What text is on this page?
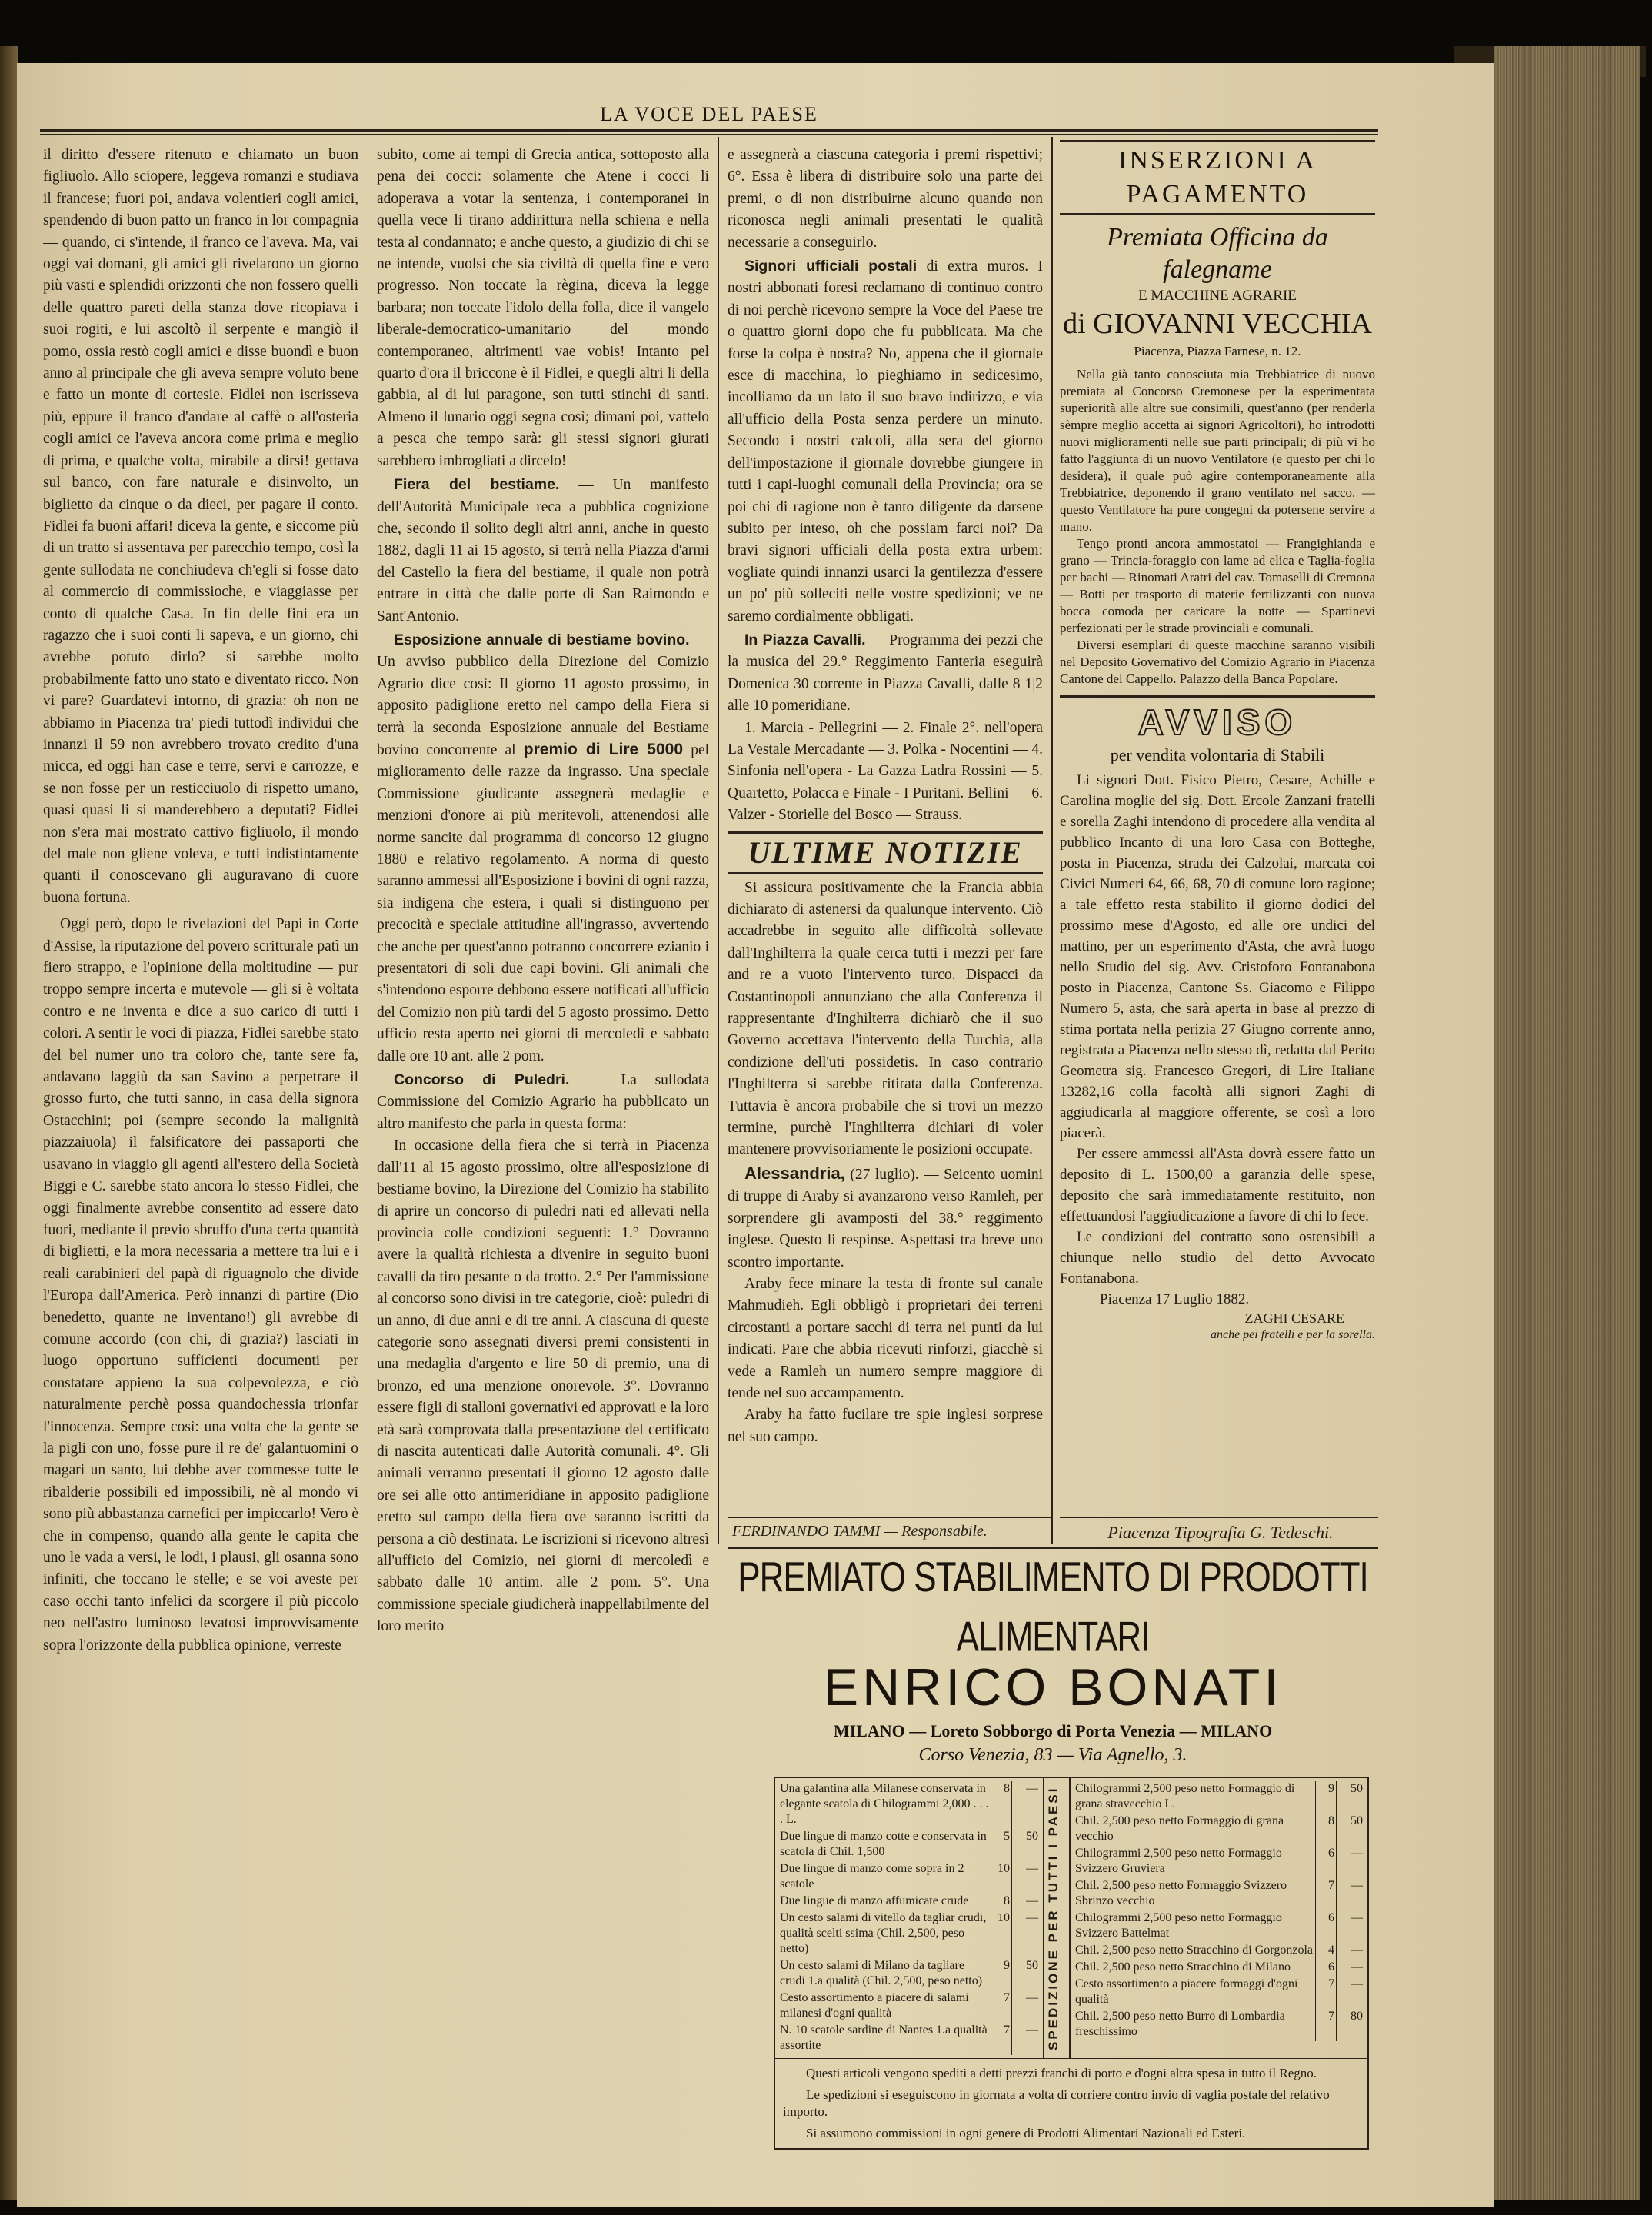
LA VOCE DEL PAESE

il diritto d'essere ritenuto e chiamato un buon figliuolo. Allo sciopere, leggeva romanzi e studiava il francese; fuori poi, andava volentieri cogli amici, spendendo di buon patto un franco in lor compagnia — quando, ci s'intende, il franco ce l'aveva. Ma, vai oggi vai domani, gli amici gli rivelarono un giorno più vasti e splendidi orizzonti che non fossero quelli delle quattro pareti della stanza dove ricopiava i suoi rogiti, e lui ascoltò il serpente e mangiò il pomo, ossia restò cogli amici e disse buondì e buon anno al principale che gli aveva sempre voluto bene e fatto un monte di cortesie. Fidlei non iscrisseva più, eppure il franco d'andare al caffè o all'osteria cogli amici ce l'aveva ancora come prima e meglio di prima, e qualche volta, mirabile a dirsi! gettava sul banco, con fare naturale e disinvolto, un biglietto da cinque o da dieci, per pagare il conto. Fidlei fa buoni affari! diceva la gente, e siccome più di un tratto si assentava per parecchio tempo, così la gente sullodata ne conchiudeva ch'egli si fosse dato al commercio di commissioche, e viaggiasse per conto di qualche Casa. In fin delle fini era un ragazzo che i suoi conti li sapeva, e un giorno, chi avrebbe potuto dirlo? si sarebbe molto probabilmente fatto uno stato e diventato ricco. Non vi pare? Guardatevi intorno, di grazia: oh non ne abbiamo in Piacenza tra' piedi tuttodì individui che innanzi il 59 non avrebbero trovato credito d'una micca, ed oggi han case e terre, servi e carrozze, e se non fosse per un resticciuolo di rispetto umano, quasi quasi li si manderebbero a deputati? Fidlei non s'era mai mostrato cattivo figliuolo, il mondo del male non gliene voleva, e tutti indistintamente quanti il conoscevano gli auguravano di cuore buona fortuna.

Oggi però, dopo le rivelazioni del Papi in Corte d'Assise, la riputazione del povero scritturale patì un fiero strappo, e l'opinione della moltitudine — pur troppo sempre incerta e mutevole — gli si è voltata contro e ne inventa e dice a suo carico di tutti i colori. A sentir le voci di piazza, Fidlei sarebbe stato del bel numer uno tra coloro che, tante sere fa, andavano laggiù da san Savino a perpetrare il grosso furto, che tutti sanno, in casa della signora Ostacchini; poi (sempre secondo la malignità piazzaiuola) il falsificatore dei passaporti che usavano in viaggio gli agenti all'estero della Società Biggi e C. sarebbe stato ancora lo stesso Fidlei, che oggi finalmente avrebbe consentito ad essere dato fuori, mediante il previo sbruffo d'una certa quantità di biglietti, e la mora necessaria a mettere tra lui e i reali carabinieri del papà di riguagnolo che divide l'Europa dall'America. Però innanzi di partire (Dio benedetto, quante ne inventano!) gli avrebbe di comune accordo (con chi, di grazia?) lasciati in luogo opportuno sufficienti documenti per constatare appieno la sua colpevolezza, e ciò naturalmente perchè possa quandochessia trionfar l'innocenza. Sempre così: una volta che la gente se la pigli con uno, fosse pure il re de' galantuomini o magari un santo, lui debbe aver commesse tutte le ribalderie possibili ed impossibili, nè al mondo vi sono più abbastanza carnefici per impiccarlo! Vero è che in compenso, quando alla gente le capita che uno le vada a versi, le lodi, i plausi, gli osanna sono infiniti, che toccano le stelle; e se voi aveste per caso occhi tanto infelici da scorgere il più piccolo neo nell'astro luminoso levatosi improvvisamente sopra l'orizzonte della pubblica opinione, verreste

subito, come ai tempi di Grecia antica, sottoposto alla pena dei cocci: solamente che Atene i cocci li adoperava a votar la sentenza, i contemporanei in quella vece li tirano addirittura nella schiena e nella testa al condannato; e anche questo, a giudizio di chi se ne intende, vuolsi che sia civiltà di quella fine e vero progresso. Non toccate la règina, diceva la legge barbara; non toccate l'idolo della folla, dice il vangelo liberale-democratico-umanitario del mondo contemporaneo, altrimenti vae vobis! Intanto pel quarto d'ora il briccone è il Fidlei, e quegli altri li della gabbia, al di lui paragone, son tutti stinchi di santi. Almeno il lunario oggi segna così; dimani poi, vattelo a pesca che tempo sarà: gli stessi signori giurati sarebbero imbrogliati a dircelo!

Fiera del bestiame. — Un manifesto dell'Autorità Municipale reca a pubblica cognizione che, secondo il solito degli altri anni, anche in questo 1882, dagli 11 ai 15 agosto, si terrà nella Piazza d'armi del Castello la fiera del bestiame, il quale non potrà entrare in città che dalle porte di San Raimondo e Sant'Antonio.

Esposizione annuale di bestiame bovino. — Un avviso pubblico della Direzione del Comizio Agrario dice così: Il giorno 11 agosto prossimo, in apposito padiglione eretto nel campo della Fiera si terrà la seconda Esposizione annuale del Bestiame bovino concorrente al premio di Lire 5000 pel miglioramento delle razze da ingrasso. Una speciale Commissione giudicante assegnerà medaglie e menzioni d'onore ai più meritevoli, attenendosi alle norme sancite dal programma di concorso 12 giugno 1880 e relativo regolamento. A norma di questo saranno ammessi all'Esposizione i bovini di ogni razza, sia indigena che estera, i quali si distinguono per precocità e speciale attitudine all'ingrasso, avvertendo che anche per quest'anno potranno concorrere ezianio i presentatori di soli due capi bovini. Gli animali che s'intendono esporre debbono essere notificati all'ufficio del Comizio non più tardi del 5 agosto prossimo. Detto ufficio resta aperto nei giorni di mercoledì e sabbato dalle ore 10 ant. alle 2 pom.

Concorso di Puledri. — La sullodata Commissione del Comizio Agrario ha pubblicato un altro manifesto che parla in questa forma:

In occasione della fiera che si terrà in Piacenza dall'11 al 15 agosto prossimo, oltre all'esposizione di bestiame bovino, la Direzione del Comizio ha stabilito di aprire un concorso di puledri nati ed allevati nella provincia colle condizioni seguenti: 1.° Dovranno avere la qualità richiesta a divenire in seguito buoni cavalli da tiro pesante o da trotto. 2.° Per l'ammissione al concorso sono divisi in tre categorie, cioè: puledri di un anno, di due anni e di tre anni. A ciascuna di queste categorie sono assegnati diversi premi consistenti in una medaglia d'argento e lire 50 di premio, una di bronzo, ed una menzione onorevole. 3°. Dovranno essere figli di stalloni governativi ed approvati e la loro età sarà comprovata dalla presentazione del certificato di nascita autenticati dalle Autorità comunali. 4°. Gli animali verranno presentati il giorno 12 agosto dalle ore sei alle otto antimeridiane in apposito padiglione eretto sul campo della fiera ove saranno iscritti da persona a ciò destinata. Le iscrizioni si ricevono altresì all'ufficio del Comizio, nei giorni di mercoledì e sabbato dalle 10 antim. alle 2 pom. 5°. Una commissione speciale giudicherà inappellabilmente del loro merito

e assegnerà a ciascuna categoria i premi rispettivi; 6°. Essa è libera di distribuire solo una parte dei premi, o di non distribuirne alcuno quando non riconosca negli animali presentati le qualità necessarie a conseguirlo.

Signori ufficiali postali di extra muros. I nostri abbonati foresi reclamano di continuo contro di noi perchè ricevono sempre la Voce del Paese tre o quattro giorni dopo che fu pubblicata. Ma che forse la colpa è nostra? No, appena che il giornale esce di macchina, lo pieghiamo in sedicesimo, incolliamo da un lato il suo bravo indirizzo, e via all'ufficio della Posta senza perdere un minuto. Secondo i nostri calcoli, alla sera del giorno dell'impostazione il giornale dovrebbe giungere in tutti i capi-luoghi comunali della Provincia; ora se poi chi di ragione non è tanto diligente da darsene subito per inteso, oh che possiam farci noi? Da bravi signori ufficiali della posta extra urbem: vogliate quindi innanzi usarci la gentilezza d'essere un po' più solleciti nelle vostre spedizioni; ve ne saremo cordialmente obbligati.

In Piazza Cavalli. — Programma dei pezzi che la musica del 29.° Reggimento Fanteria eseguirà Domenica 30 corrente in Piazza Cavalli, dalle 8 1|2 alle 10 pomeridiane.

1. Marcia - Pellegrini — 2. Finale 2°. nell'opera La Vestale Mercadante — 3. Polka - Nocentini — 4. Sinfonia nell'opera - La Gazza Ladra Rossini — 5. Quartetto, Polacca e Finale - I Puritani. Bellini — 6. Valzer - Storielle del Bosco — Strauss.

ULTIME NOTIZIE

Si assicura positivamente che la Francia abbia dichiarato di astenersi da qualunque intervento. Ciò accadrebbe in seguito alle difficoltà sollevate dall'Inghilterra la quale cerca tutti i mezzi per fare and re a vuoto l'intervento turco. Dispacci da Costantinopoli annunziano che alla Conferenza il rappresentante d'Inghilterra dichiarò che il suo Governo accettava l'intervento della Turchia, alla condizione dell'uti possidetis. In caso contrario l'Inghilterra si sarebbe ritirata dalla Conferenza. Tuttavia è ancora probabile che si trovi un mezzo termine, purchè l'Inghilterra dichiari di voler mantenere provvisoriamente le posizioni occupate.

Alessandria, (27 luglio). — Seicento uomini di truppe di Araby si avanzarono verso Ramleh, per sorprendere gli avamposti del 38.° reggimento inglese. Questo li respinse. Aspettasi tra breve uno scontro importante.

Araby fece minare la testa di fronte sul canale Mahmudieh. Egli obbligò i proprietari dei terreni circostanti a portare sacchi di terra nei punti da lui indicati. Pare che abbia ricevuti rinforzi, giacchè si vede a Ramleh un numero sempre maggiore di tende nel suo accampamento.

Araby ha fatto fucilare tre spie inglesi sorprese nel suo campo.

FERDINANDO TAMMI — Responsabile.
INSERZIONI A PAGAMENTO
Premiata Officina da falegname
E MACCHINE AGRARIE
di GIOVANNI VECCHIA
Piacenza, Piazza Farnese, n. 12.

Nella già tanto conosciuta mia Trebbiatrice di nuovo premiata al Concorso Cremonese per la esperimentata superiorità alle altre sue consimili, quest'anno (per renderla sèmpre meglio accetta ai signori Agricoltori), ho introdotti nuovi miglioramenti nelle sue parti principali; di più vi ho fatto l'aggiunta di un nuovo Ventilatore (e questo per chi lo desidera), il quale può agire contemporaneamente alla Trebbiatrice, deponendo il grano ventilato nel sacco. — questo Ventilatore ha pure congegni da potersene servire a mano.

Tengo pronti ancora ammostatoi — Frangighianda e grano — Trincia-foraggio con lame ad elica e Taglia-foglia per bachi — Rinomati Aratri del cav. Tomaselli di Cremona — Botti per trasporto di materie fertilizzanti con nuova bocca comoda per caricare la notte — Spartinevi perfezionati per le strade provinciali e comunali.

Diversi esemplari di queste macchine saranno visibili nel Deposito Governativo del Comizio Agrario in Piacenza Cantone del Cappello. Palazzo della Banca Popolare.

AVVISO
per vendita volontaria di Stabili

Li signori Dott. Fisico Pietro, Cesare, Achille e Carolina moglie del sig. Dott. Ercole Zanzani fratelli e sorella Zaghi intendono di procedere alla vendita al pubblico Incanto di una loro Casa con Botteghe, posta in Piacenza, strada dei Calzolai, marcata coi Civici Numeri 64, 66, 68, 70 di comune loro ragione; a tale effetto resta stabilito il giorno dodici del prossimo mese d'Agosto, ed alle ore undici del mattino, per un esperimento d'Asta, che avrà luogo nello Studio del sig. Avv. Cristoforo Fontanabona posto in Piacenza, Cantone Ss. Giacomo e Filippo Numero 5, asta, che sarà aperta in base al prezzo di stima portata nella perizia 27 Giugno corrente anno, registrata a Piacenza nello stesso dì, redatta dal Perito Geometra sig. Francesco Gregori, di Lire Italiane 13282,16 colla facoltà alli signori Zaghi di aggiudicarla al maggiore offerente, se così a loro piacerà.

Per essere ammessi all'Asta dovrà essere fatto un deposito di L. 1500,00 a garanzia delle spese, deposito che sarà immediatamente restituito, non effettuandosi l'aggiudicazione a favore di chi lo fece.

Le condizioni del contratto sono ostensibili a chiunque nello studio del detto Avvocato Fontanabona.

Piacenza 17 Luglio 1882.

ZAGHI CESARE
anche pei fratelli e per la sorella.
Piacenza Tipografia G. Tedeschi.
PREMIATO STABILIMENTO DI PRODOTTI ALIMENTARI
ENRICO BONATI
MILANO — Loreto Sobborgo di Porta Venezia — MILANO
Corso Venezia, 83 — Via Agnello, 3.
Una galantina alla Milanese conservata in elegante scatola di Chilogrammi 2,000 . . . . L.	8	—
Due lingue di manzo cotte e conservata in scatola di Chil. 1,500	5	50
Due lingue di manzo come sopra in 2 scatole	10	—
Due lingue di manzo affumicate crude	8	—
Un cesto salami di vitello da tagliar crudi, qualità scelti ssima (Chil. 2,500, peso netto)	10	—
Un cesto salami di Milano da tagliare crudi 1.a qualità (Chil. 2,500, peso netto)	9	50
Cesto assortimento a piacere di salami milanesi d'ogni qualità	7	—
N. 10 scatole sardine di Nantes 1.a qualità assortite	7	—
	SPEDIZIONE PER TUTTI I PAESI	Chilogrammi 2,500 peso netto Formaggio di grana stravecchio L.	9	50
Chil. 2,500 peso netto Formaggio di grana vecchio	8	50
Chilogrammi 2,500 peso netto Formaggio Svizzero Gruviera	6	—
Chil. 2,500 peso netto Formaggio Svizzero Sbrinzo vecchio	7	—
Chilogrammi 2,500 peso netto Formaggio Svizzero Battelmat	6	—
Chil. 2,500 peso netto Stracchino di Gorgonzola	4	—
Chil. 2,500 peso netto Stracchino di Milano	6	—
Cesto assortimento a piacere formaggi d'ogni qualità	7	—
Chil. 2,500 peso netto Burro di Lombardia freschissimo	7	80

Questi articoli vengono spediti a detti prezzi franchi di porto e d'ogni altra spesa in tutto il Regno.

Le spedizioni si eseguiscono in giornata a volta di corriere contro invio di vaglia postale del relativo importo.

Si assumono commissioni in ogni genere di Prodotti Alimentari Nazionali ed Esteri.
